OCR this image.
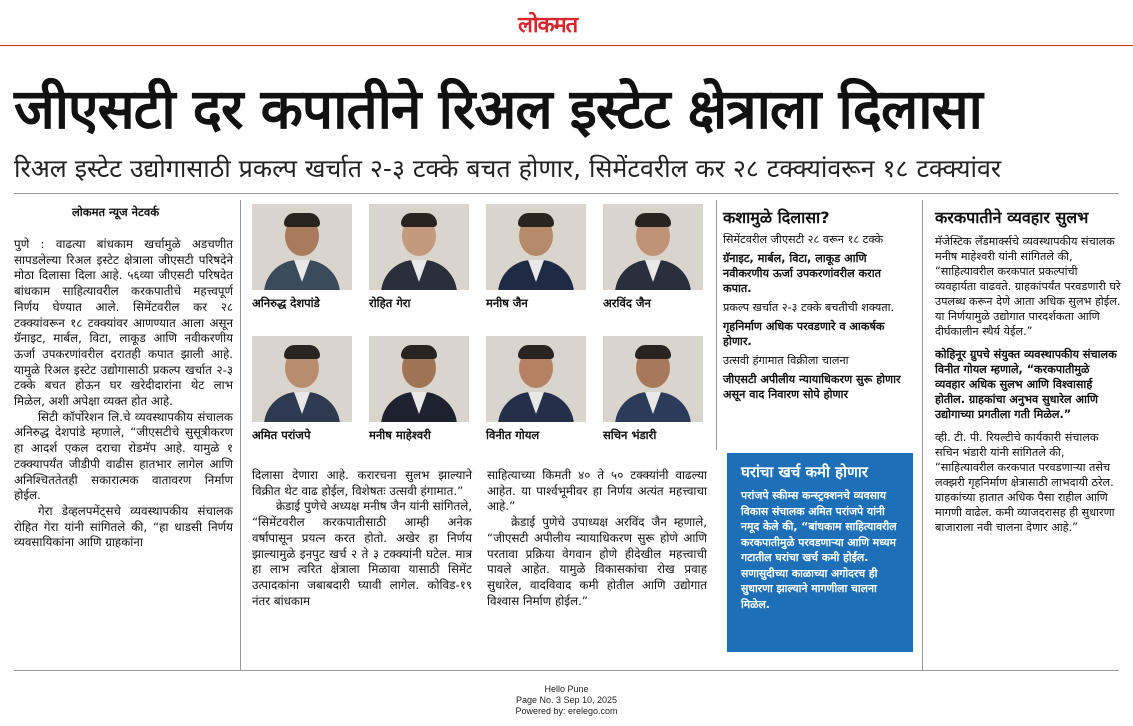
लोकमत
जीएसटी दर कपातीने रिअल इस्टेट क्षेत्राला दिलासा
रिअल इस्टेट उद्योगासाठी प्रकल्प खर्चात २-३ टक्के बचत होणार, सिमेंटवरील कर २८ टक्क्यांवरून १८ टक्क्यांवर
लोकमत न्यूज नेटवर्क

पुणे : वाढत्या बांधकाम खर्चामुळे अडचणीत सापडलेल्या रिअल इस्टेट क्षेत्राला जीएसटी परिषदेने मोठा दिलासा दिला आहे. ५६व्या जीएसटी परिषदेत बांधकाम साहित्यावरील करकपातीचे महत्त्वपूर्ण निर्णय घेण्यात आले. सिमेंटवरील कर २८ टक्क्यांवरून १८ टक्क्यांवर आणण्यात आला असून ग्रॅनाइट, मार्बल, विटा, लाकूड आणि नवीकरणीय ऊर्जा उपकरणांवरील दरातही कपात झाली आहे. यामुळे रिअल इस्टेट उद्योगासाठी प्रकल्प खर्चात २-३ टक्के बचत होऊन घर खरेदीदारांना थेट लाभ मिळेल, अशी अपेक्षा व्यक्त होत आहे.

सिटी कॉर्पोरेशन लि.चे व्यवस्थापकीय संचालक अनिरुद्ध देशपांडे म्हणाले, “जीएसटीचे सुसूत्रीकरण हा आदर्श एकल दराचा रोडमॅप आहे. यामुळे १ टक्क्यापर्यंत जीडीपी वाढीस हातभार लागेल आणि अनिश्चिततेतही सकारात्मक वातावरण निर्माण होईल.

गेरा डेव्हलपमेंट्सचे व्यवस्थापकीय संचालक रोहित गेरा यांनी सांगितले की, “हा धाडसी निर्णय व्यवसायिकांना आणि ग्राहकांना

अनिरुद्ध देशपांडे	रोहित गेरा	मनीष जैन	अरविंद जैन
अमित परांजपे	मनीष माहेश्वरी	विनीत गोयल	सचिन भंडारी

दिलासा देणारा आहे. करारचना सुलभ झाल्याने विक्रीत थेट वाढ होईल, विशेषतः उत्सवी हंगामात.”

क्रेडाई पुणेचे अध्यक्ष मनीष जैन यांनी सांगितले, “सिमेंटवरील करकपातीसाठी आम्ही अनेक वर्षापासून प्रयत्न करत होतो. अखेर हा निर्णय झाल्यामुळे इनपुट खर्च २ ते ३ टक्क्यांनी घटेल. मात्र हा लाभ त्वरित क्षेत्राला मिळावा यासाठी सिमेंट उत्पादकांना जबाबदारी घ्यावी लागेल. कोविड-१९ नंतर बांधकाम

साहित्याच्या किमती ४० ते ५० टक्क्यांनी वाढल्या आहेत. या पार्श्वभूमीवर हा निर्णय अत्यंत महत्त्वाचा आहे.”

क्रेडाई पुणेचे उपाध्यक्ष अरविंद जैन म्हणाले, “जीएसटी अपीलीय न्यायाधिकरण सुरू होणे आणि परतावा प्रक्रिया वेगवान होणे हीदेखील महत्त्वाची पावले आहेत. यामुळे विकासकांचा रोख प्रवाह सुधारेल, वादविवाद कमी होतील आणि उद्योगात विश्वास निर्माण होईल.”

कशामुळे दिलासा?

सिमेंटवरील जीएसटी २८ वरून १८ टक्के

ग्रॅनाइट, मार्बल, विटा, लाकूड आणि नवीकरणीय ऊर्जा उपकरणांवरील करात कपात.

प्रकल्प खर्चात २-३ टक्के बचतीची शक्यता.

गृहनिर्माण अधिक परवडणारे व आकर्षक होणार.

उत्सवी हंगामात विक्रीला चालना

जीएसटी अपीलीय न्यायाधिकरण सुरू होणार असून वाद निवारण सोपे होणार

घरांचा खर्च कमी होणार
परांजपे स्कीम्स कन्स्ट्रक्शनचे व्यवसाय विकास संचालक अमित परांजपे यांनी नमूद केले की, “बांधकाम साहित्यावरील करकपातीमुळे परवडणाऱ्या आणि मध्यम गटातील घरांचा खर्च कमी होईल. सणासुदीच्या काळाच्या अगोदरच ही सुधारणा झाल्याने मागणीला चालना मिळेल.
करकपातीने व्यवहार सुलभ

मॅजेस्टिक लँडमार्क्सचे व्यवस्थापकीय संचालक मनीष माहेश्वरी यांनी सांगितले की, “साहित्यावरील करकपात प्रकल्पांची व्यवहार्यता वाढवते. ग्राहकांपर्यंत परवडणारी घरे उपलब्ध करून देणे आता अधिक सुलभ होईल. या निर्णयामुळे उद्योगात पारदर्शकता आणि दीर्घकालीन स्थैर्य येईल.”

कोहिनूर ग्रुपचे संयुक्त व्यवस्थापकीय संचालक विनीत गोयल म्हणाले, “करकपातीमुळे व्यवहार अधिक सुलभ आणि विश्वासार्ह होतील. ग्राहकांचा अनुभव सुधारेल आणि उद्योगाच्या प्रगतीला गती मिळेल.”

व्ही. टी. पी. रियल्टीचे कार्यकारी संचालक सचिन भंडारी यांनी सांगितले की, “साहित्यावरील करकपात परवडणाऱ्या तसेच लक्झरी गृहनिर्माण क्षेत्रासाठी लाभदायी ठरेल. ग्राहकांच्या हातात अधिक पैसा राहील आणि मागणी वाढेल. कमी व्याजदरासह ही सुधारणा बाजाराला नवी चालना देणार आहे.”

Hello Pune
Page No. 3 Sep 10, 2025
Powered by: erelego.com
